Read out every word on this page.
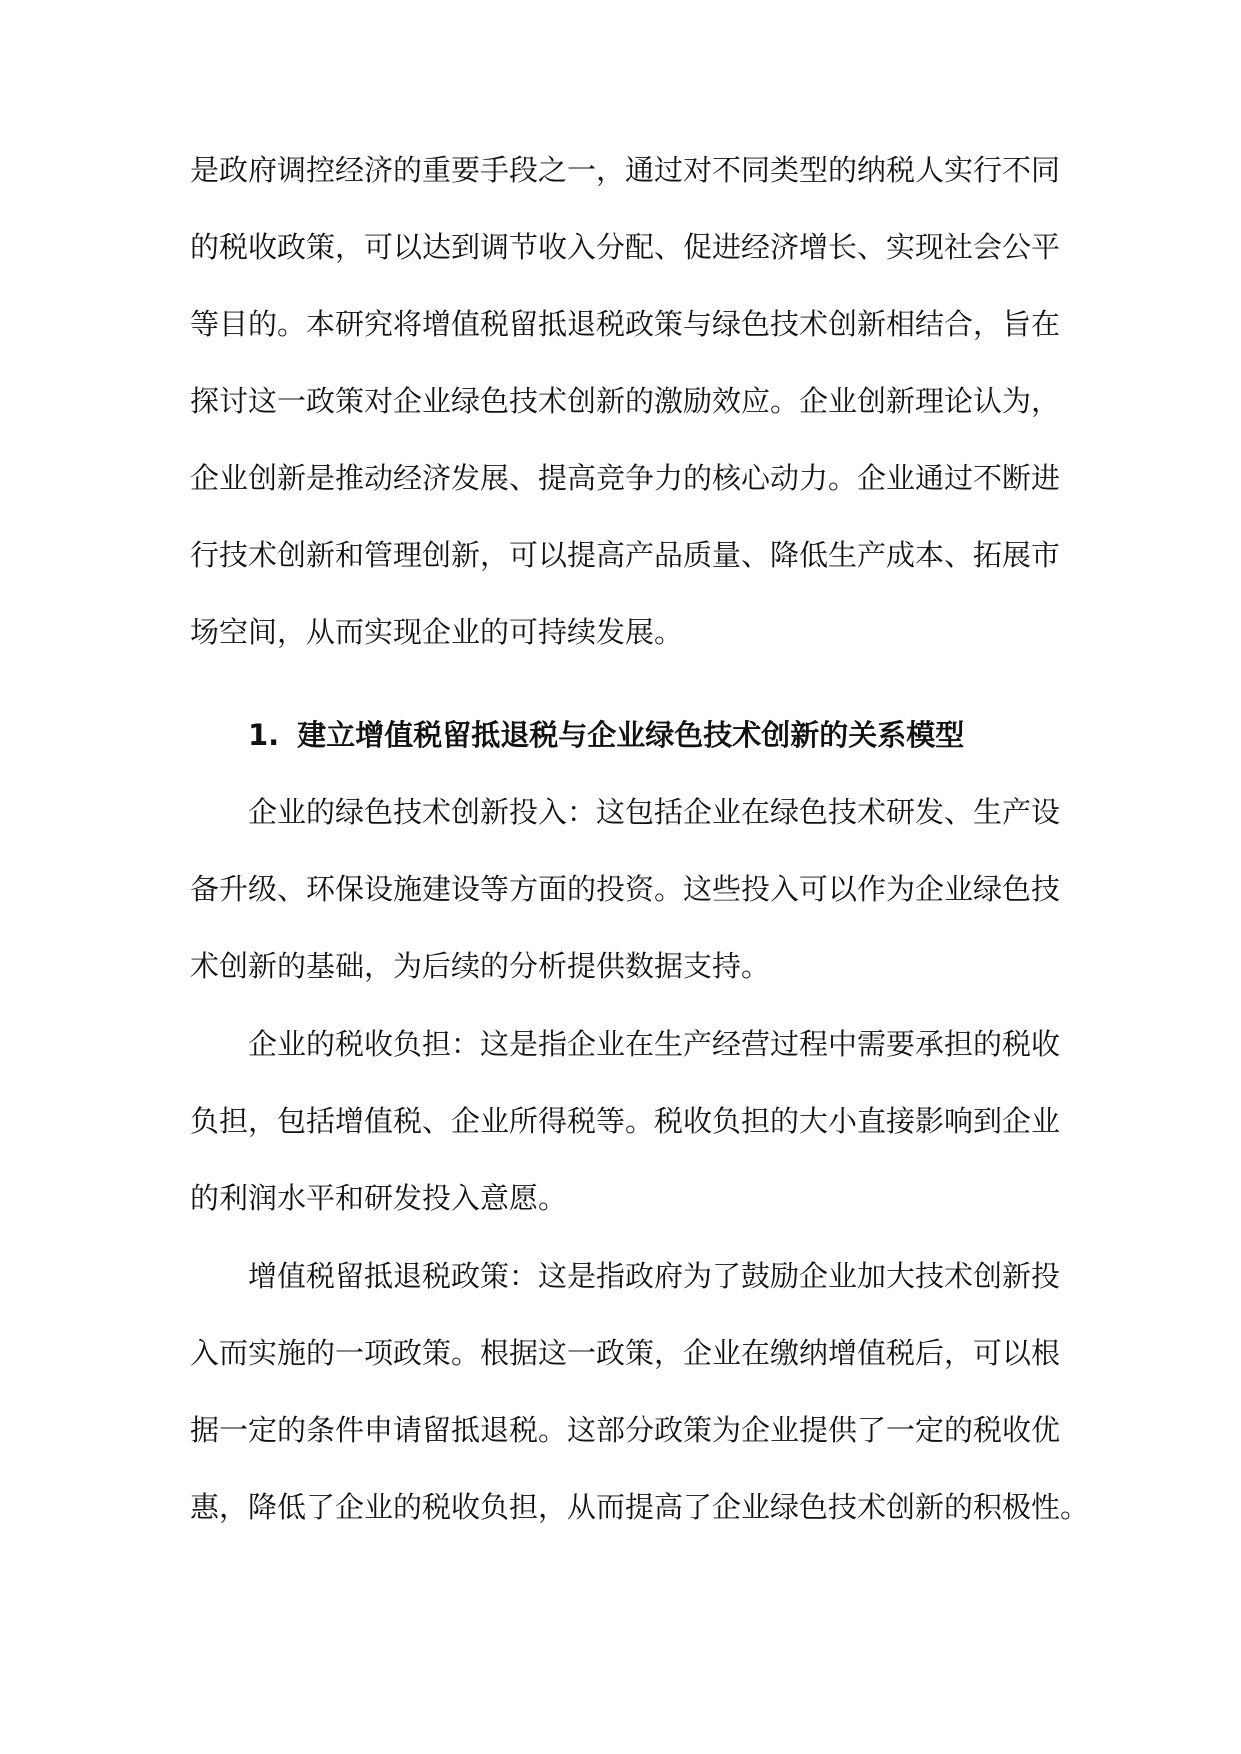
是政府调控经济的重要手段之一，通过对不同类型的纳税人实行不同
的税收政策，可以达到调节收入分配、促进经济增长、实现社会公平
等目的。本研究将增值税留抵退税政策与绿色技术创新相结合，旨在
探讨这一政策对企业绿色技术创新的激励效应。企业创新理论认为，
企业创新是推动经济发展、提高竞争力的核心动力。企业通过不断进
行技术创新和管理创新，可以提高产品质量、降低生产成本、拓展市
场空间，从而实现企业的可持续发展。
1. 建立增值税留抵退税与企业绿色技术创新的关系模型
企业的绿色技术创新投入：这包括企业在绿色技术研发、生产设
备升级、环保设施建设等方面的投资。这些投入可以作为企业绿色技
术创新的基础，为后续的分析提供数据支持。
企业的税收负担：这是指企业在生产经营过程中需要承担的税收
负担，包括增值税、企业所得税等。税收负担的大小直接影响到企业
的利润水平和研发投入意愿。
增值税留抵退税政策：这是指政府为了鼓励企业加大技术创新投
入而实施的一项政策。根据这一政策，企业在缴纳增值税后，可以根
据一定的条件申请留抵退税。这部分政策为企业提供了一定的税收优
惠，降低了企业的税收负担，从而提高了企业绿色技术创新的积极性。
